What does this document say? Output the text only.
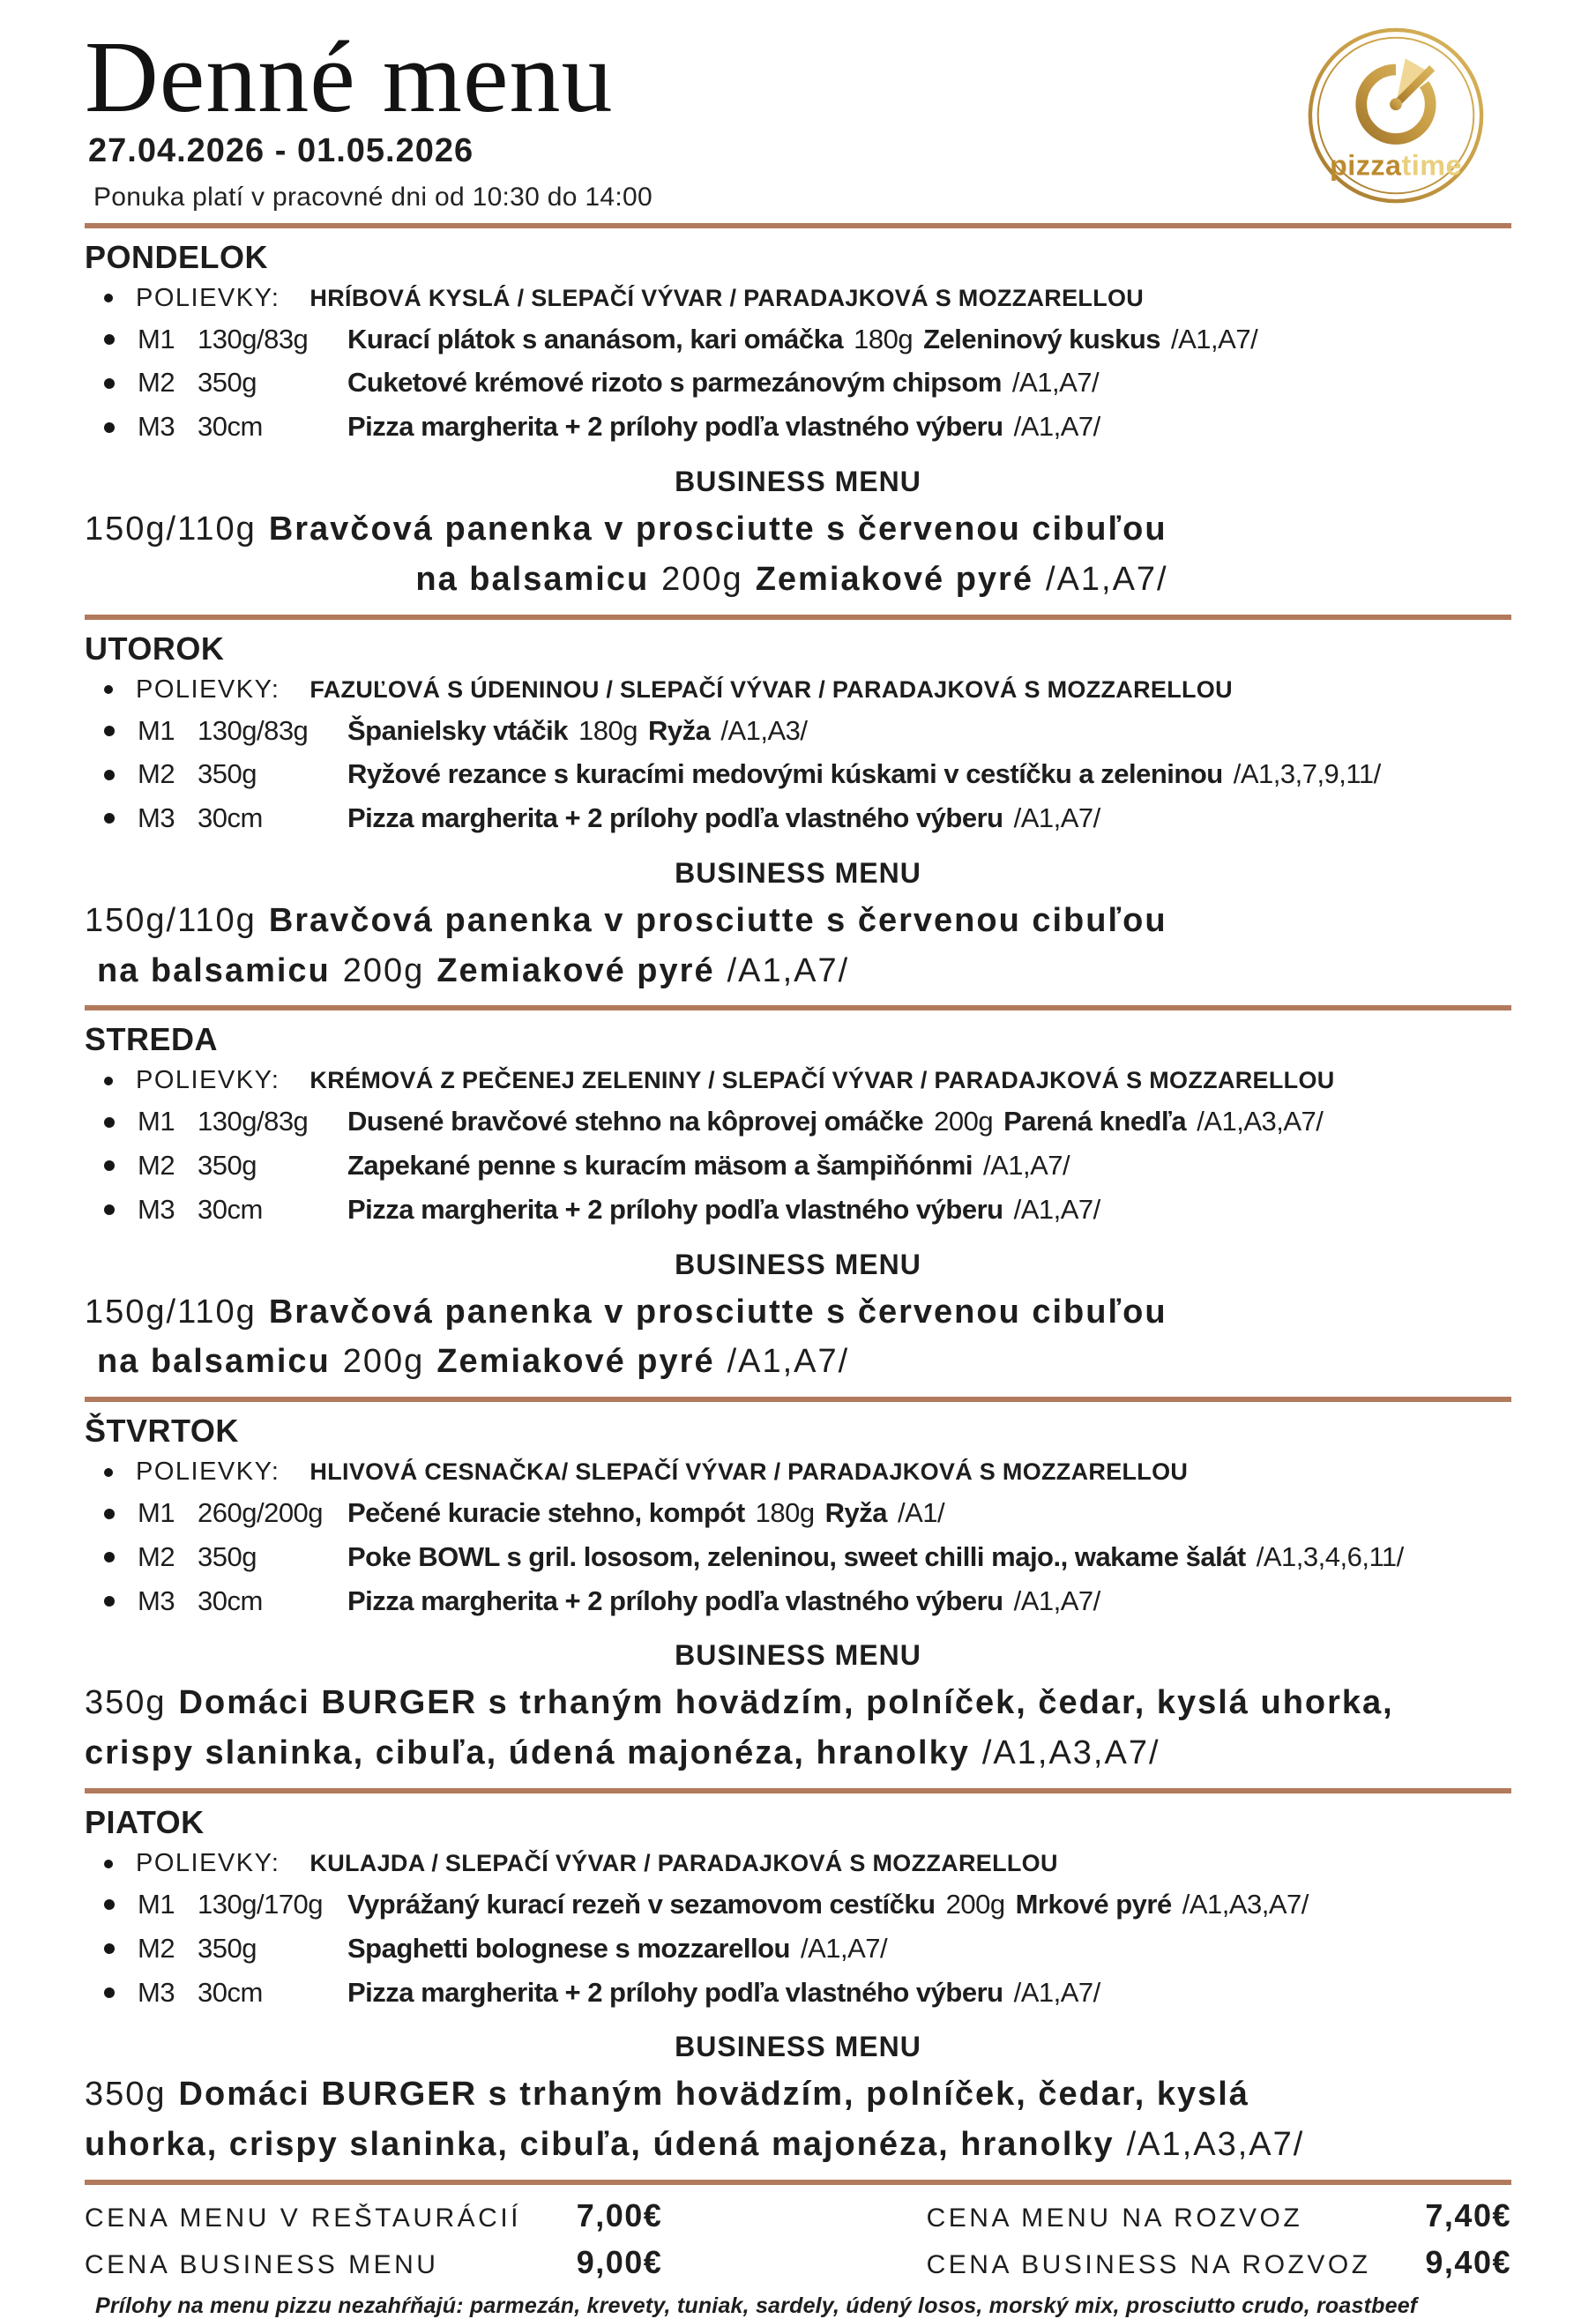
Denné menu
27.04.2026 - 01.05.2026
Ponuka platí v pracovné dni od 10:30 do 14:00
pizzatime
PONDELOK
POLIEVKY: HRÍBOVÁ KYSLÁ / SLEPAČÍ VÝVAR / PARADAJKOVÁ S MOZZARELLOU
M1 130g/83g	Kurací plátok s ananásom, kari omáčka 180g Zeleninový kuskus /A1,A7/
M2 350g	Cuketové krémové rizoto s parmezánovým chipsom /A1,A7/
M3 30cm	Pizza margherita + 2 prílohy podľa vlastného výberu /A1,A7/
BUSINESS MENU
150g/110g Bravčová panenka v prosciutte s červenou cibuľou
na balsamicu 200g Zemiakové pyré /A1,A7/
UTOROK
POLIEVKY: FAZUĽOVÁ S ÚDENINOU / SLEPAČÍ VÝVAR / PARADAJKOVÁ S MOZZARELLOU
M1 130g/83g	Španielsky vtáčik 180g Ryža /A1,A3/
M2 350g	Ryžové rezance s kuracími medovými kúskami v cestíčku a zeleninou /A1,3,7,9,11/
M3 30cm	Pizza margherita + 2 prílohy podľa vlastného výberu /A1,A7/
BUSINESS MENU
150g/110g Bravčová panenka v prosciutte s červenou cibuľou
na balsamicu 200g Zemiakové pyré /A1,A7/
STREDA
POLIEVKY: KRÉMOVÁ Z PEČENEJ ZELENINY / SLEPAČÍ VÝVAR / PARADAJKOVÁ S MOZZARELLOU
M1 130g/83g	Dusené bravčové stehno na kôprovej omáčke 200g Parená knedľa /A1,A3,A7/
M2 350g	Zapekané penne s kuracím mäsom a šampiňónmi /A1,A7/
M3 30cm	Pizza margherita + 2 prílohy podľa vlastného výberu /A1,A7/
BUSINESS MENU
150g/110g Bravčová panenka v prosciutte s červenou cibuľou
na balsamicu 200g Zemiakové pyré /A1,A7/
ŠTVRTOK
POLIEVKY: HLIVOVÁ CESNAČKA/ SLEPAČÍ VÝVAR / PARADAJKOVÁ S MOZZARELLOU
M1 260g/200g Pečené kuracie stehno, kompót 180g Ryža /A1/
M2 350g	Poke BOWL s gril. lososom, zeleninou, sweet chilli majo., wakame šalát /A1,3,4,6,11/
M3 30cm	Pizza margherita + 2 prílohy podľa vlastného výberu /A1,A7/
BUSINESS MENU
350g Domáci BURGER s trhaným hovädzím, polníček, čedar, kyslá uhorka,
crispy slaninka, cibuľa, údená majonéza, hranolky /A1,A3,A7/
PIATOK
POLIEVKY: KULAJDA / SLEPAČÍ VÝVAR / PARADAJKOVÁ S MOZZARELLOU
M1 130g/170g Vyprážaný kurací rezeň v sezamovom cestíčku 200g Mrkové pyré /A1,A3,A7/
M2 350g	Spaghetti bolognese s mozzarellou /A1,A7/
M3 30cm	Pizza margherita + 2 prílohy podľa vlastného výberu /A1,A7/
BUSINESS MENU
350g Domáci BURGER s trhaným hovädzím, polníček, čedar, kyslá
uhorka, crispy slaninka, cibuľa, údená majonéza, hranolky /A1,A3,A7/
CENA MENU V REŠTAURÁCIÍ 7,00€	CENA MENU NA ROZVOZ	7,40€
CENA BUSINESS MENU	9,00€	CENA BUSINESS NA ROZVOZ 9,40€
Prílohy na menu pizzu nezahŕňajú: parmezán, krevety, tuniak, sardely, údený losos, morský mix, prosciutto crudo, roastbeef
